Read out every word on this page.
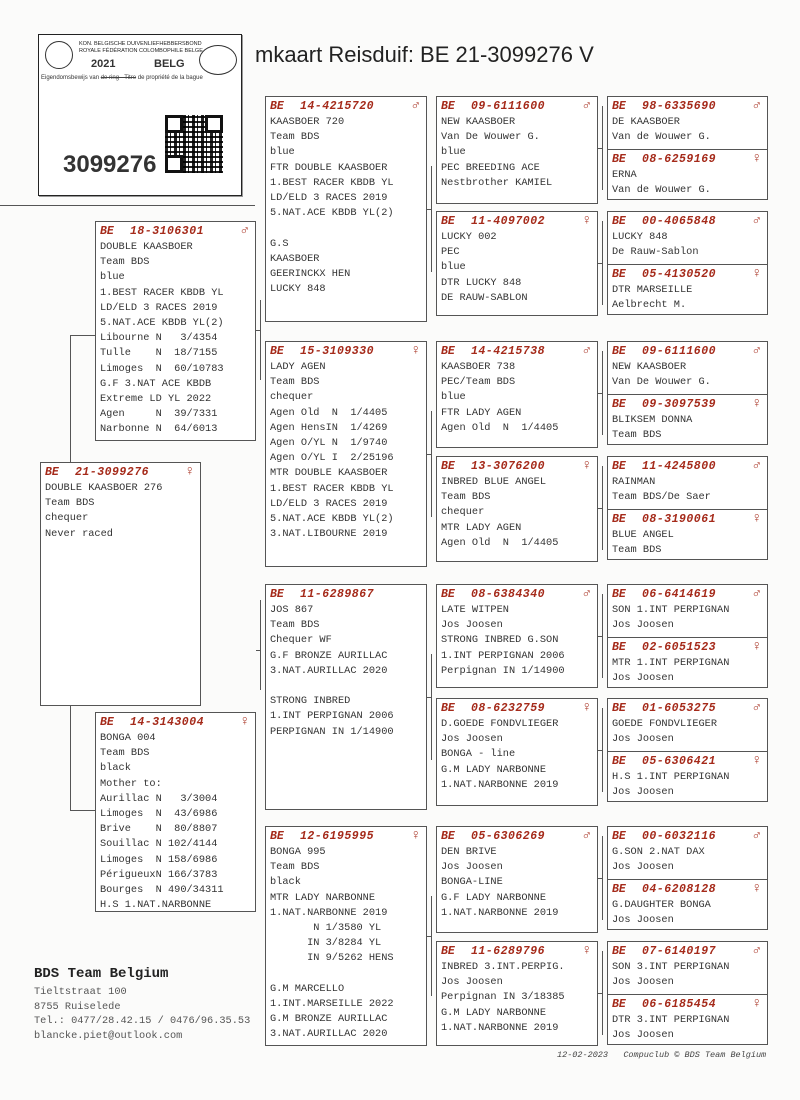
KON. BELGISCHE DUIVENLIEFHEBBERSBOND
ROYALE FÉDÉRATION COLOMBOPHILE BELGE
2021	BELG
Eigendomsbewijs van de ring - Titre de propriété de la bague
3099276
mkaart Reisduif: BE 21-3099276 V
BE	21-3099276	♀
DOUBLE KAASBOER 276
Team BDS
chequer
Never raced
BE	18-3106301	♂
DOUBLE KAASBOER
Team BDS
blue
1.BEST RACER KBDB YL
LD/ELD 3 RACES 2019
5.NAT.ACE KBDB YL(2)
Libourne N   3/4354
Tulle    N  18/7155
Limoges  N  60/10783
G.F 3.NAT ACE KBDB
Extreme LD YL 2022
Agen     N  39/7331
Narbonne N  64/6013
BE	14-3143004	♀
BONGA 004
Team BDS
black
Mother to:
Aurillac N   3/3004
Limoges  N  43/6986
Brive    N  80/8807
Souillac N 102/4144
Limoges  N 158/6986
PérigueuxN 166/3783
Bourges  N 490/34311
H.S 1.NAT.NARBONNE
BE	14-4215720	♂
KAASBOER 720
Team BDS
blue
FTR DOUBLE KAASBOER
1.BEST RACER KBDB YL
LD/ELD 3 RACES 2019
5.NAT.ACE KBDB YL(2)

G.S
KAASBOER
GEERINCKX HEN
LUCKY 848
BE	15-3109330	♀
LADY AGEN
Team BDS
chequer
Agen Old  N  1/4405
Agen HensIN  1/4269
Agen O/YL N  1/9740
Agen O/YL I  2/25196
MTR DOUBLE KAASBOER
1.BEST RACER KBDB YL
LD/ELD 3 RACES 2019
5.NAT.ACE KBDB YL(2)
3.NAT.LIBOURNE 2019
BE	11-6289867
JOS 867
Team BDS
Chequer WF
G.F BRONZE AURILLAC
3.NAT.AURILLAC 2020

STRONG INBRED
1.INT PERPIGNAN 2006
PERPIGNAN IN 1/14900
BE	12-6195995	♀
BONGA 995
Team BDS
black
MTR LADY NARBONNE
1.NAT.NARBONNE 2019
N 1/3580 YL
IN 3/8284 YL
IN 9/5262 HENS

G.M MARCELLO
1.INT.MARSEILLE 2022
G.M BRONZE AURILLAC
3.NAT.AURILLAC 2020
BE	09-6111600	♂
NEW KAASBOER
Van De Wouwer G.
blue
PEC BREEDING ACE
Nestbrother KAMIEL
BE	11-4097002	♀
LUCKY 002
PEC
blue
DTR LUCKY 848
DE RAUW-SABLON
BE	14-4215738	♂
KAASBOER 738
PEC/Team BDS
blue
FTR LADY AGEN
Agen Old  N  1/4405
BE	13-3076200	♀
INBRED BLUE ANGEL
Team BDS
chequer
MTR LADY AGEN
Agen Old  N  1/4405
BE	08-6384340	♂
LATE WITPEN
Jos Joosen
STRONG INBRED G.SON
1.INT PERPIGNAN 2006
Perpignan IN 1/14900
BE	08-6232759	♀
D.GOEDE FONDVLIEGER
Jos Joosen
BONGA - line
G.M LADY NARBONNE
1.NAT.NARBONNE 2019
BE	05-6306269	♂
DEN BRIVE
Jos Joosen
BONGA-LINE
G.F LADY NARBONNE
1.NAT.NARBONNE 2019
BE	11-6289796	♀
INBRED 3.INT.PERPIG.
Jos Joosen
Perpignan IN 3/18385
G.M LADY NARBONNE
1.NAT.NARBONNE 2019
BE	98-6335690	♂
DE KAASBOER
Van de Wouwer G.
BE	08-6259169	♀
ERNA
Van de Wouwer G.
BE	00-4065848	♂
LUCKY 848
De Rauw-Sablon
BE	05-4130520	♀
DTR MARSEILLE
Aelbrecht M.
BE	09-6111600	♂
NEW KAASBOER
Van De Wouwer G.
BE	09-3097539	♀
BLIKSEM DONNA
Team BDS
BE	11-4245800	♂
RAINMAN
Team BDS/De Saer
BE	08-3190061	♀
BLUE ANGEL
Team BDS
BE	06-6414619	♂
SON 1.INT PERPIGNAN
Jos Joosen
BE	02-6051523	♀
MTR 1.INT PERPIGNAN
Jos Joosen
BE	01-6053275	♂
GOEDE FONDVLIEGER
Jos Joosen
BE	05-6306421	♀
H.S 1.INT PERPIGNAN
Jos Joosen
BE	00-6032116	♂
G.SON 2.NAT DAX
Jos Joosen
BE	04-6208128	♀
G.DAUGHTER BONGA
Jos Joosen
BE	07-6140197	♂
SON 3.INT PERPIGNAN
Jos Joosen
BE	06-6185454	♀
DTR 3.INT PERPIGNAN
Jos Joosen
BDS Team Belgium
Tieltstraat 100
8755 Ruiselede
Tel.: 0477/28.42.15 / 0476/96.35.53
blancke.piet@outlook.com
12-02-2023 Compuclub © BDS Team Belgium
